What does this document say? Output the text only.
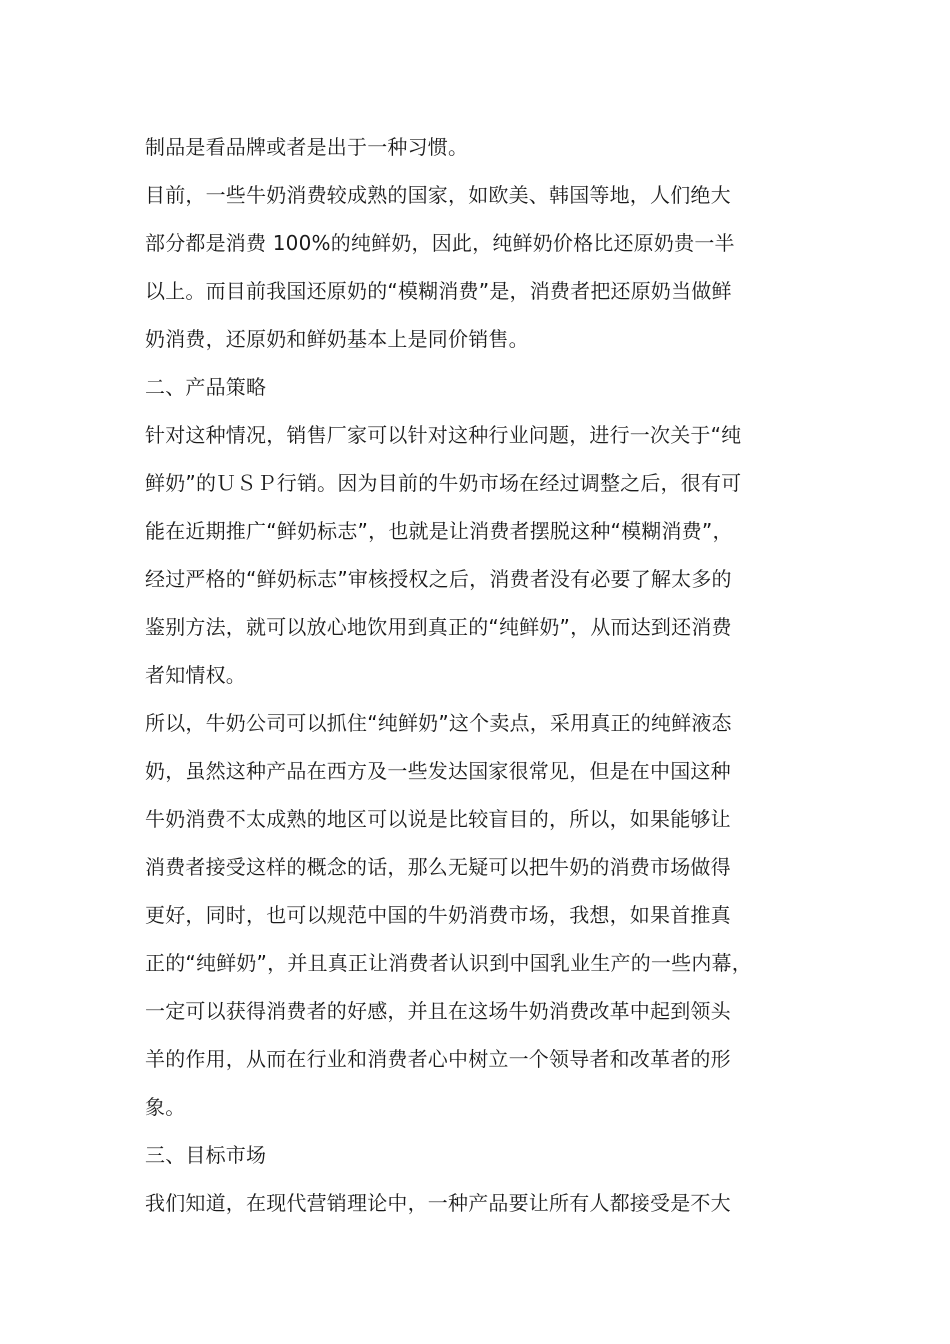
制品是看品牌或者是出于一种习惯。
目前，一些牛奶消费较成熟的国家，如欧美、韩国等地，人们绝大
部分都是消费 100%的纯鲜奶，因此，纯鲜奶价格比还原奶贵一半
以上。而目前我国还原奶的“模糊消费”是，消费者把还原奶当做鲜
奶消费，还原奶和鲜奶基本上是同价销售。
二、产品策略
针对这种情况，销售厂家可以针对这种行业问题，进行一次关于“纯
鲜奶”的ＵＳＰ行销。因为目前的牛奶市场在经过调整之后，很有可
能在近期推广“鲜奶标志”，也就是让消费者摆脱这种“模糊消费”，
经过严格的“鲜奶标志”审核授权之后，消费者没有必要了解太多的
鉴别方法，就可以放心地饮用到真正的“纯鲜奶”，从而达到还消费
者知情权。
所以，牛奶公司可以抓住“纯鲜奶”这个卖点，采用真正的纯鲜液态
奶，虽然这种产品在西方及一些发达国家很常见，但是在中国这种
牛奶消费不太成熟的地区可以说是比较盲目的，所以，如果能够让
消费者接受这样的概念的话，那么无疑可以把牛奶的消费市场做得
更好，同时，也可以规范中国的牛奶消费市场，我想，如果首推真
正的“纯鲜奶”，并且真正让消费者认识到中国乳业生产的一些内幕，
一定可以获得消费者的好感，并且在这场牛奶消费改革中起到领头
羊的作用，从而在行业和消费者心中树立一个领导者和改革者的形
象。
三、目标市场
我们知道，在现代营销理论中，一种产品要让所有人都接受是不大
